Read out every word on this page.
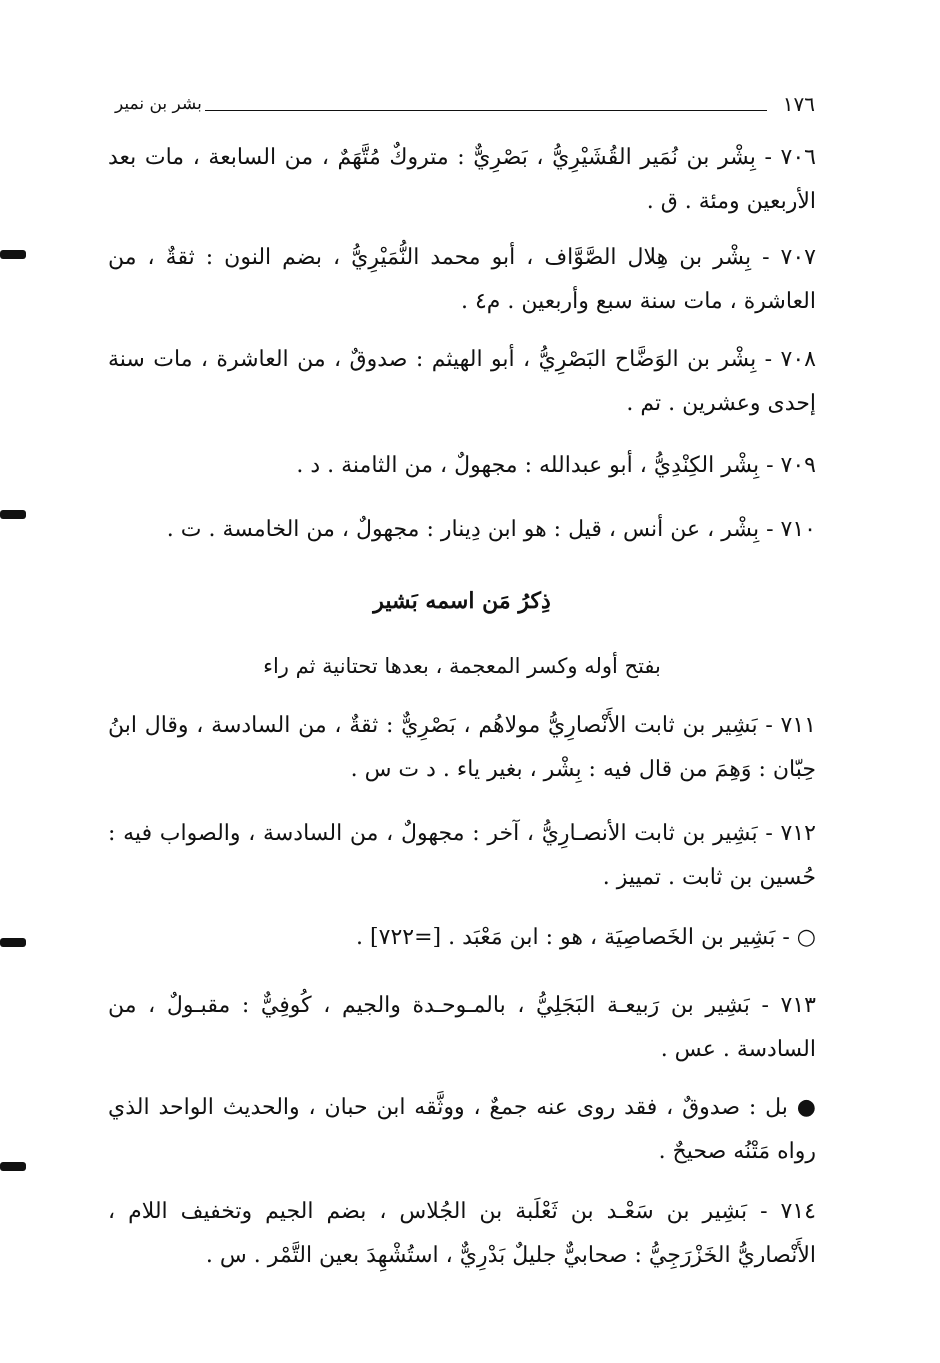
١٧٦
بشر بن نمير
٧٠٦ - بِشْر بن نُمَير القُشَيْرِيُّ ، بَصْرِيٌّ : متروكٌ مُتَّهَمٌ ، من السابعة ، مات بعد الأربعين ومئة . ق .
٧٠٧ - بِشْر بن هِلال الصَّوَّاف ، أبو محمد النُّمَيْرِيُّ ، بضم النون : ثقةٌ ، من العاشرة ، مات سنة سبع وأربعين . م٤ .
٧٠٨ - بِشْر بن الوَضَّاح البَصْرِيُّ ، أبو الهيثم : صدوقٌ ، من العاشرة ، مات سنة إحدى وعشرين . تم .
٧٠٩ - بِشْر الكِنْدِيُّ ، أبو عبدالله : مجهولٌ ، من الثامنة . د .
٧١٠ - بِشْر ، عن أنس ، قيل : هو ابن دِينار : مجهولٌ ، من الخامسة . ت .
ذِكرُ مَن اسمه بَشير
بفتح أوله وكسر المعجمة ، بعدها تحتانية ثم راء
٧١١ - بَشِير بن ثابت الأَنْصارِيُّ مولاهُم ، بَصْرِيٌّ : ثقةٌ ، من السادسة ، وقال ابنُ حِبّان : وَهِمَ من قال فيه : بِشْر ، بغير ياء . د ت س .
٧١٢ - بَشِير بن ثابت الأنصـارِيُّ ، آخر : مجهولٌ ، من السادسة ، والصواب فيه : حُسين بن ثابت . تمييز .
○ - بَشِير بن الخَصاصِيَة ، هو : ابن مَعْبَد . [=٧٢٢] .
٧١٣ - بَشِير بن رَبيعـة البَجَلِيُّ ، بالمـوحـدة والجيم ، كُوفِيٌّ : مقبـولٌ ، من السادسة . عس .
● بل : صدوقٌ ، فقد روى عنه جمعٌ ، ووثَّقه ابن حبان ، والحديث الواحد الذي رواه مَتْنُه صحيحٌ .
٧١٤ - بَشِير بن سَعْـد بن ثَعْلَبة بن الجُلاس ، بضم الجيم وتخفيف اللام ، الأَنْصاريُّ الخَزْرَجِيُّ : صحابيٌّ جليلٌ بَدْرِيٌّ ، استُشْهِدَ بعين التَّمْر . س .
